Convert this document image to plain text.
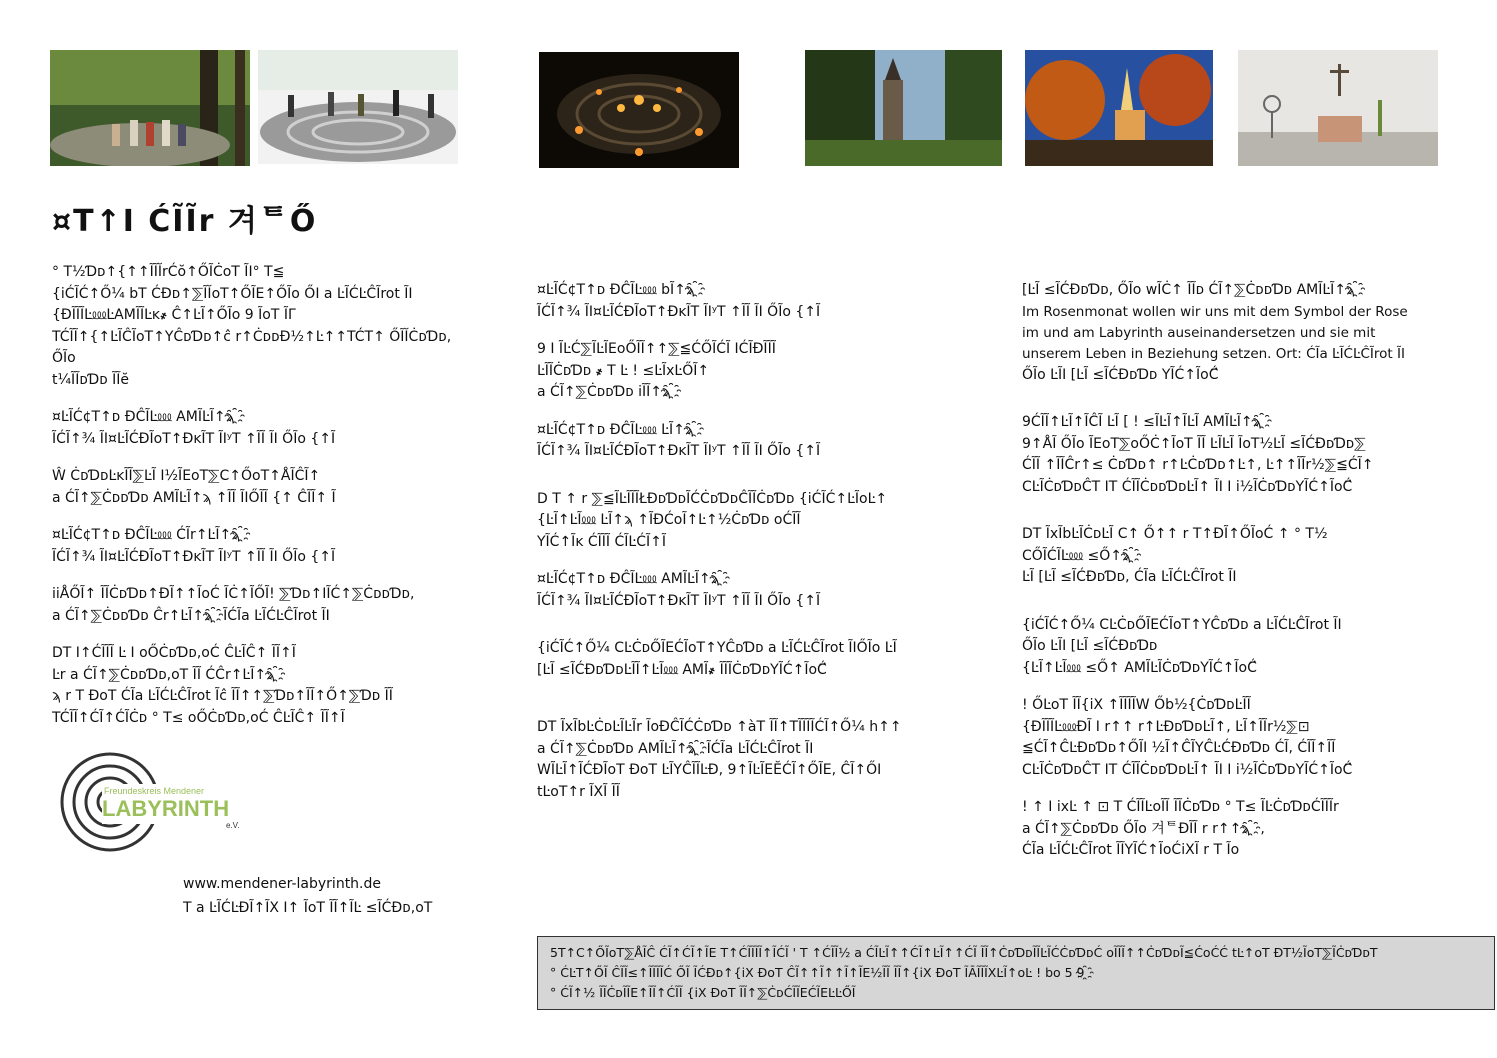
¤T↑I ĆĨĨr 겨ᄐŐ
° T½Ɗᴅ↑{↑↑ĨĨĬrĆŏ↑ŐĨĊoT ĨI° T≦
{iĆĨĆ↑Ő¼ bT ĆĐᴅ↑⅀ĨĬoT↑ŐĨЕ↑ŐĨo ŐI a ĿĨĆĿĈĨrot ĨI
{ĐĨĨĨĿ⅏ĿAMĨĨĿĸ҂ Ĉ↑ĿĨ↑ŐĨo 9 ĨoT ĨΓ
TĆĨĨ↑{↑ĿĨĈĨoT↑YĈᴅƊᴅ↑ĉ r↑ĊᴅᴅĐ½↑Ŀ↑↑TĆT↑ ŐĨĬĊᴅƊᴅ, ŐĨo
t¼ĨĨᴅƊᴅ ĨĨĕ
¤ĿĨĆ¢T↑ᴅ ĐĈĨĿ⅏ AMĨĿĨ↑ϡ ҈
ĨĆĨ↑¾ ĨI¤ĿĨĆĐĨoT↑ĐĸĨT ĨIʸT ↑ĨĨ ĨI ŐĨo {↑Ĩ
Ŵ ĊᴅƊᴅĿĸĨĨ⅀ĿĨ I½ĨЕoT⅀C↑ŐoT↑ÅĨĈĨ↑
a ĆĨ↑⅀ĊᴅᴅƊᴅ AMĨĿĨ↑ϡ ↑ĨĨ ĨIŐĨĨ {↑ ĈĨĨ↑ Ĩ
¤ĿĨĆ¢T↑ᴅ ĐĈĨĿ⅏ ĆĨr↑ĿĨ↑ϡ ҈
ĨĆĨ↑¾ ĨI¤ĿĨĆĐĨoT↑ĐĸĨT ĨIʸT ↑ĨĨ ĨI ŐĨo {↑Ĩ
iiÅŐĨ↑ ĨĨĊᴅƊᴅ↑ĐĨ↑↑ĨoĆ ĨĊ↑ĨŐĨ! ⅀Ɗᴅ↑IĨĆ↑⅀ĊᴅᴅƊᴅ,
a ĆĨ↑⅀ĊᴅᴅƊᴅ Ĉr↑ĿĨ↑ϡ ҈ĨĆĨa ĿĨĆĿĈĨrot ĨI
DT I↑ĆĨĨĨ Ŀ I oŐĊᴅƊᴅ,oĆ ĈĿĨĈ↑ ĨĨ↑Ĩ
Ŀr a ĆĨ↑⅀ĊᴅᴅƊᴅ,oT ĨĨ ĆĈr↑ĿĨ↑ϡ ҈
ϡ r T ĐoT ĆĨa ĿĨĆĿĈĨrot Ĩĉ ĨĨ↑↑⅀Ɗᴅ↑ĨĨ↑Ő↑⅀Ɗᴅ ĨĨ
TĆĨĨ↑ĆĨ↑ĆĨĊᴅ ° T≤ oŐĊᴅƊᴅ,oĆ ĈĿĨĈ↑ ĨĨ↑Ĩ
¤ĿĨĆ¢T↑ᴅ ĐĈĨĿ⅏ bĨ↑ϡ ҈
ĨĆĨ↑¾ ĨI¤ĿĨĆĐĨoT↑ĐĸĨT ĨIʸT ↑ĨĨ ĨI ŐĨo {↑Ĩ
9 I ĨĿĆ⅀ĨĿĨЕoŐĨĨ↑↑⅀≦ĆŐĨĆĨ IĆĨĐĨĨĨ
ĿĨĨĊᴅƊᴅ ҂ T Ŀ ! ≤ĿĨxĿŐĨ↑
a ĆĨ↑⅀ĊᴅᴅƊᴅ iĨĨ↑ϡ ҈
¤ĿĨĆ¢T↑ᴅ ĐĈĨĿ⅏ ĿĨ↑ϡ ҈
ĨĆĨ↑¾ ĨI¤ĿĨĆĐĨoT↑ĐĸĨT ĨIʸT ↑ĨĨ ĨI ŐĨo {↑Ĩ
D T ↑ r ⅀≦ĨĿĨĨĨŁĐᴅƊᴅĨĆĊᴅƊᴅĈĨĨĊᴅƊᴅ {iĆĨĆ↑ĿĨoĿ↑
{ĿĨ↑ĿĨ⅏ ĿĨ↑ϡ ↑ĨĐĆoĨ↑Ŀ↑½ĊᴅƊᴅ oĆĨĨ
YĨĆ↑Ĩĸ ĆĨĨĨ ĆĨĿĆĨ↑Ĩ
¤ĿĨĆ¢T↑ᴅ ĐĈĨĿ⅏ AMĨĿĨ↑ϡ ҈
ĨĆĨ↑¾ ĨI¤ĿĨĆĐĨoT↑ĐĸĨT ĨIʸT ↑ĨĨ ĨI ŐĨo {↑Ĩ
{iĆĨĆ↑Ő¼ CĿĊᴅŐĨЕĆĨoT↑YĈᴅƊᴅ a ĿĨĆĿĈĨrot ĨIŐĨo ĿĨ
[ĿĨ ≤ĨĆĐᴅƊᴅĿĨĨ↑ĿĨ⅏ AMĨ҂ ĨĨĨĊᴅƊᴅYĨĆ↑ĨoĆ҃
DT ĨxĨbĿĊᴅĿĨĿĨr ĨoĐĈĨĆĊᴅƊᴅ ↑àT ĨĨ↑TĨĨĨĨĆĨ↑Ő¼ h↑↑
a ĆĨ↑⅀ĊᴅᴅƊᴅ AMĨĿĨ↑ϡ ҈ĨĆĨa ĿĨĆĿĈĨrot ĨI
WĨĿĨ↑ĨĆĐĨoT ĐoT ĿĨYĈĨĨĿĐ, 9↑ĨĿĨЕĔĆĨ↑ŐĨЕ, ĈĨ↑ŐI
tĿoT↑r ĨXĨ ĨĨ
[ĿĨ ≤ĨĆĐᴅƊᴅ, ŐĨo wĨĊ↑ ĨĨᴅ ĆĨ↑⅀ĊᴅᴅƊᴅ AMĨĿĨ↑ϡ ҈
Im Rosenmonat wollen wir uns mit dem Symbol der Rose
im und am Labyrinth auseinandersetzen und sie mit
unserem Leben in Beziehung setzen. Ort: ĆĨa ĿĨĆĿĈĨrot ĨI
ŐĨo ĿĨI [ĿĨ ≤ĨĆĐᴅƊᴅ YĨĆ↑ĨoĆ҃
9ĆĨĨ↑ĿĨ↑ĨĈĨ ĿĨ [ ! ≤ĨĿĨ↑ĨĿĨ AMĨĿĨ↑ϡ ҈
9↑ÅĨ ŐĨo ĨЕoT⅀oŐĊ↑ĨoT ĨĨ ĿĨĿĨ ĨoT½ĿĨ ≤ĨĆĐᴅƊᴅ⅀
ĆĨĨ ↑ĨĨĈr↑≤ ĊᴅƊᴅ↑ r↑ĿĊᴅƊᴅ↑Ŀ↑, Ŀ↑↑ĨĨr½⅀≦ĆĨ↑
CĿĨĊᴅƊᴅĈT IT ĆĨĨĊᴅᴅƊᴅĿĨ↑ ĨI I i½ĨĊᴅƊᴅYĨĆ↑ĨoĆ҃
DT ĨxĨbĿĨĊᴅĿĨ C↑ Ő↑↑ r T↑ĐĨ↑ŐĨoĆ ↑ ° T½
CŐĨĆĨĿ⅏ ≤Ő↑ϡ ҈
ĿĨ [ĿĨ ≤ĨĆĐᴅƊᴅ, ĆĨa ĿĨĆĿĈĨrot ĨI
{iĆĨĆ↑Ő¼ CĿĊᴅŐĨЕĆĨoT↑YĈᴅƊᴅ a ĿĨĆĿĈĨrot ĨI
ŐĨo ĿĨI [ĿĨ ≤ĨĆĐᴅƊᴅ
{ĿĨ↑ĿĨ⅏ ≤Ő↑ AMĨĿĨĊᴅƊᴅYĨĆ↑ĨoĆ҃
! ŐĿoT ĨĨ{iX ↑ĨĨĨĨW Őb½{ĊᴅƊᴅĿĨĨ
{ĐĨĨĨĿ⅏ĐĨ I r↑↑ r↑ĿĐᴅƊᴅĿĨ↑, ĿĨ↑ĨĨr½⅀⊡
≦ĆĨ↑ĈĿĐᴅƊᴅ↑ŐĨI ½Ĩ↑ĈĨYĈĿĆĐᴅƊᴅ ĆĨ, ĆĨĨ↑ĨĨ
CĿĨĊᴅƊᴅĈT IT ĆĨĨĊᴅᴅƊᴅĿĨ↑ ĨI I i½ĨĊᴅƊᴅYĨĆ↑ĨoĆ҃
! ↑ I ixĿ ↑ ⊡ T ĆĨĨĿoĨĨ ĨĨĊᴅƊᴅ ° T≤ ĨĿĊᴅƊᴅĆĨĨĨr
a ĆĨ↑⅀ĊᴅᴅƊᴅ ŐĨo 겨ᄐĐĨĨ r r↑↑ϡ ҈,
ĆĨa ĿĨĆĿĈĨrot ĨĨYĨĆ↑ĨoĆiXĨ r T Ĩo
Freundeskreis Mendener
LABYRINTH
e.V.
www.mendener-labyrinth.de
T a ĿĨĆĿĐĨ↑ĨX I↑ ĨoT ĨĨ↑ĨĿ ≤ĨĆĐᴅ,oT
5T↑C↑ŐĨoT⅀ÅĨĈ ĆĨ↑ĆĨ↑ĨЕ T↑ĆĨĨĨĨ↑ĨĆĨ ' T ↑ĆĨĨ½ a ĆĨĿĨ↑↑ĆĨ↑ĿĨ↑↑ĆĨ ĨĨ↑ĊᴅƊᴅĨĨĿĨĆĊᴅƊᴅĆ oĨĨĨ↑↑ĊᴅƊᴅĨ≦ĆoĆĆ tĿ↑oT ĐT½ĨoT⅀ĨĊᴅƊᴅT
° ĆĿT↑ŐĨ ĈĨĨ≤↑ĨĨĨĨĆ ŐĨ ĨĆĐᴅ↑{iX ĐoT ĈĨ↑↑Ĩ↑↑Ĩ↑ĨЕ½ĨĨ ĨĨ↑{iX ĐoT ĨĀĨĨĨXĿĨ↑oĿ ! bo 5 9 ҈
° ĆĨ↑½ ĨĨĊᴅĨĨЕ↑ĨĨ↑ĆĨĨ {iX ĐoT ĨĨ↑⅀ĊᴅĆĨĨЕĆĨЕĿĿŐĨ
